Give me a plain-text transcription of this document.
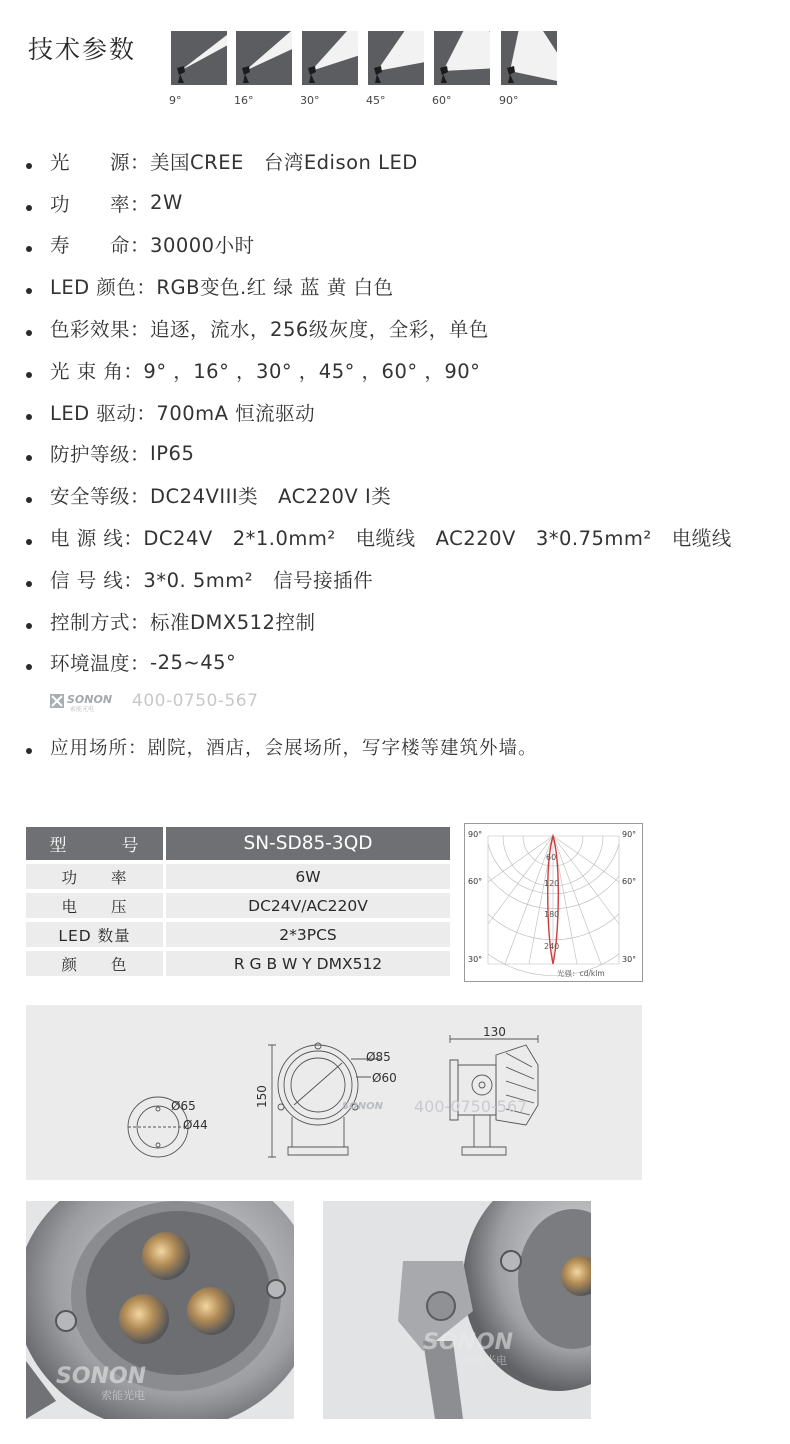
技术参数
9°	16°	30°	45°	60°	90°
光　　源 ： 美国CREE　台湾Edison LED
功　　率 ： 2W
寿　　命 ： 30000小时
LED 颜色 ： RGB变色.红 绿 蓝 黄 白色
色彩效果 ： 追逐，流水，256级灰度，全彩，单色
光 束 角 ： 9° ，16° ，30° ，45° ，60° ，90°
LED 驱动 ： 700mA 恒流驱动
防护等级 ： IP65
安全等级 ： DC24VIII类　AC220V I类
电 源 线 ： DC24V　2*1.0mm²　电缆线　AC220V　3*0.75mm²　电缆线
信 号 线 ： 3*0. 5mm²　信号接插件
控制方式 ： 标准DMX512控制
环境温度 ： -25~45°
SONON
索能光电 400-0750-567
应用场所 ： 剧院，酒店，会展场所，写字楼等建筑外墙。
型　　　号	SN-SD85-3QD
功　　率	6W
电　　压	DC24V/AC220V
LED 数量	2*3PCS
颜　　色	R G B W Y DMX512
90°
60°
30°
90°
60°
30°
60
120
180
240
光强：cd/klm
Ø65
Ø44
150
Ø85
Ø60
130
SONON 400-0750-567
SONON
索能光电
SONON
索能光电
